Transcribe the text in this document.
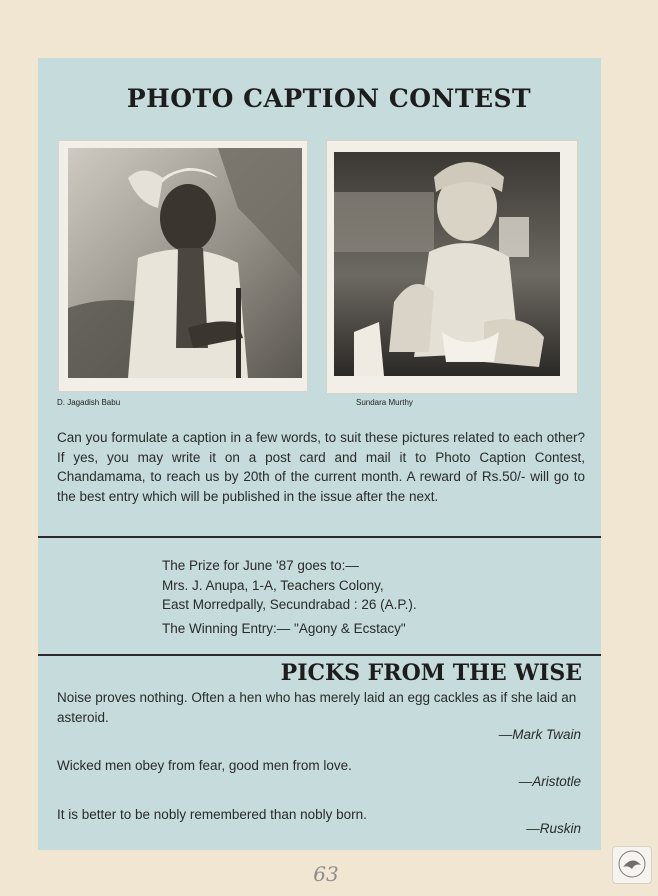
PHOTO CAPTION CONTEST
D. Jagadish Babu	Sundara Murthy
Can you formulate a caption in a few words, to suit these pictures related to each other? If yes, you may write it on a post card and mail it to Photo Caption Contest, Chandamama, to reach us by 20th of the current month. A reward of Rs.50/- will go to the best entry which will be published in the issue after the next.
The Prize for June '87 goes to:—
Mrs. J. Anupa, 1-A, Teachers Colony,
East Morredpally, Secundrabad : 26 (A.P.).
The Winning Entry:— "Agony & Ecstacy"
PICKS FROM THE WISE
Noise proves nothing. Often a hen who has merely laid an egg cackles as if she laid an asteroid.
—Mark Twain
Wicked men obey from fear, good men from love.
—Aristotle
It is better to be nobly remembered than nobly born.
—Ruskin
63
